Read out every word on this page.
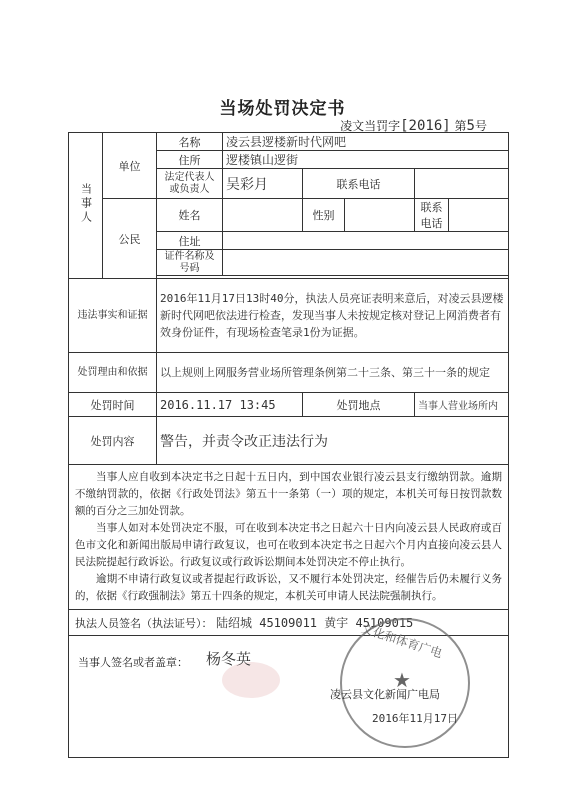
当场处罚决定书
凌文当罚字[2016] 第5号
当事人	单位	名称	凌云县逻楼新时代网吧				
		住所	逻楼镇山逻街				
		法定代表人或负责人	吴彩月	联系电话			
	公民	姓名		性别		联系电话	
		住址					
		证件名称及号码					

违法事实和证据		2016年11月17日13时40分，执法人员亮证表明来意后，对凌云县逻楼新时代网吧依法进行检查，发现当事人未按规定核对登记上网消费者有效身份证件，有现场检查笔录1份为证据。					
处罚理由和依据		以上规则上网服务营业场所管理条例第二十三条、第三十一条的规定					
处罚时间		2016.11.17 13:45		处罚地点		当事人营业场所内	
处罚内容		警告，并责令改正违法行为					

当事人应自收到本决定书之日起十五日内，到中国农业银行凌云县支行缴纳罚款。逾期不缴纳罚款的，依据《行政处罚法》第五十一条第（一）项的规定，本机关可每日按罚款数额的百分之三加处罚款。

当事人如对本处罚决定不服，可在收到本决定书之日起六十日内向凌云县人民政府或百色市文化和新闻出版局申请行政复议，也可在收到本决定书之日起六个月内直接向凌云县人民法院提起行政诉讼。行政复议或行政诉讼期间本处罚决定不停止执行。

逾期不申请行政复议或者提起行政诉讼，又不履行本处罚决定，经催告后仍未履行义务的，依据《行政强制法》第五十四条的规定，本机关可申请人民法院强制执行。							

执法人员签名（执法证号）： 陆绍城 45109011 黄宇 45109015							

当事人签名或者盖章： 杨冬英	文化和体育广电
★
凌云县文化新闻广电局
2016年11月17日
